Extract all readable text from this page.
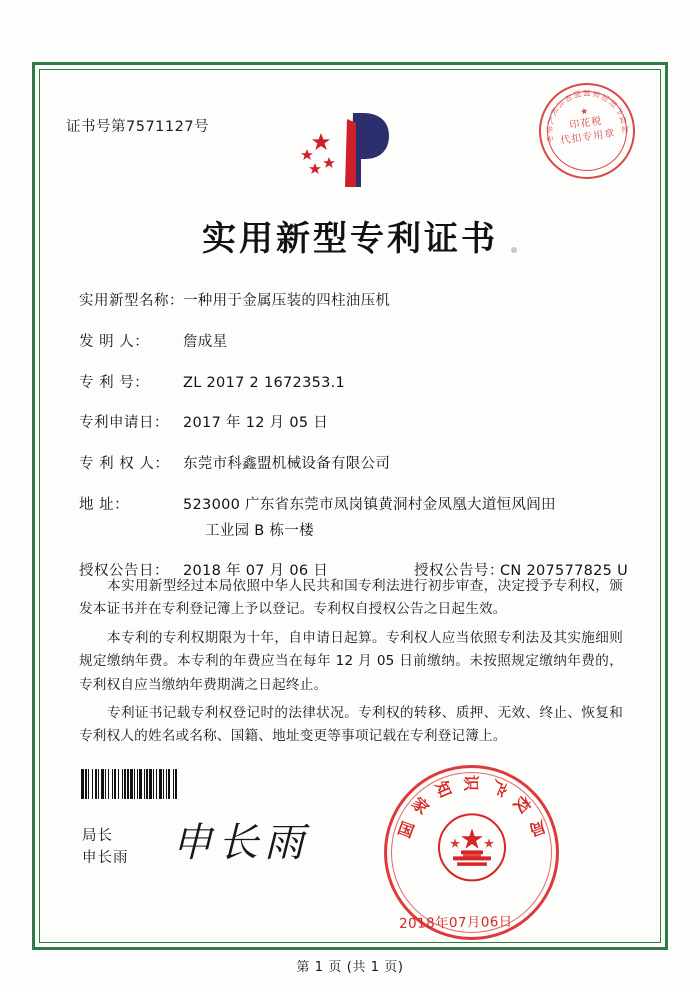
证书号第7571127号
中
华
人
民
共
和
国 国 家
知
识
产
权
局
★
印花税
代扣专用章
实用新型专利证书
实用新型名称： 一种用于金属压装的四柱油压机
发 明 人：	詹成星
专 利 号：	ZL 2017 2 1672353.1
专利申请日： 2017 年 12 月 05 日
专 利 权 人： 东莞市科鑫盟机械设备有限公司
地 址：	523000 广东省东莞市凤岗镇黄洞村金凤凰大道恒风闾田
工业园 B 栋一楼
授权公告日： 2018 年 07 月 06 日	授权公告号：
CN 207577825 U

本实用新型经过本局依照中华人民共和国专利法进行初步审查，决定授予专利权，颁发本证书并在专利登记簿上予以登记。专利权自授权公告之日起生效。

本专利的专利权期限为十年，自申请日起算。专利权人应当依照专利法及其实施细则规定缴纳年费。本专利的年费应当在每年 12 月 05 日前缴纳。未按照规定缴纳年费的，专利权自应当缴纳年费期满之日起终止。

专利证书记载专利权登记时的法律状况。专利权的转移、质押、无效、终止、恢复和专利权人的姓名或名称、国籍、地址变更等事项记载在专利登记簿上。

局长
申长雨 申长雨	国
家
知 识 产
权
局
2018年07月06日
第 1 页 (共 1 页)
